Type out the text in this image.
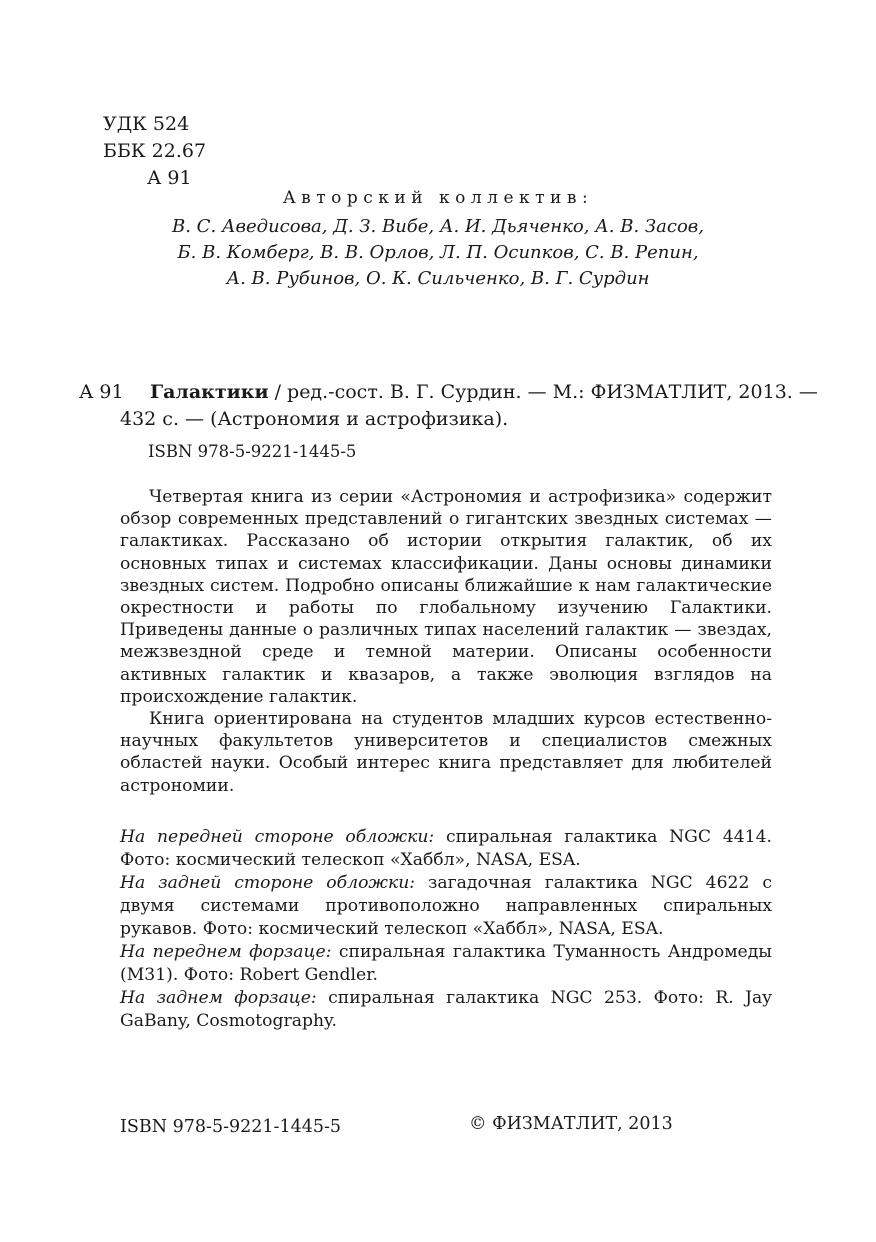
УДК 524
ББК 22.67
А 91
Авторский коллектив:
В. С. Аведисова, Д. З. Вибе, А. И. Дьяченко, А. В. Засов,
Б. В. Комберг, В. В. Орлов, Л. П. Осипков, С. В. Репин,
А. В. Рубинов, О. К. Сильченко, В. Г. Сурдин
А 91 Галактики / ред.-сост. В. Г. Сурдин. — М.: ФИЗМАТЛИТ, 2013. —
432 с. — (Астрономия и астрофизика).
ISBN 978-5-9221-1445-5

Четвертая книга из серии «Астрономия и астрофизика» содержит обзор современных представлений о гигантских звездных системах — галактиках. Рассказано об истории открытия галактик, об их основных типах и системах классификации. Даны основы динамики звездных систем. Подробно описаны ближайшие к нам галактические окрестности и работы по глобальному изучению Галактики. Приведены данные о различных типах населений галактик — звездах, межзвездной среде и темной материи. Описаны особенности активных галактик и квазаров, а также эволюция взглядов на происхождение галактик.

Книга ориентирована на студентов младших курсов естественно-научных факультетов университетов и специалистов смежных областей науки. Особый интерес книга представляет для любителей астрономии.

На передней стороне обложки: спиральная галактика NGC 4414. Фото: космический телескоп «Хаббл», NASA, ESA.

На задней стороне обложки: загадочная галактика NGC 4622 с двумя системами противоположно направленных спиральных рукавов. Фото: космический телескоп «Хаббл», NASA, ESA.

На переднем форзаце: спиральная галактика Туманность Андромеды (M31). Фото: Robert Gendler.

На заднем форзаце: спиральная галактика NGC 253. Фото: R. Jay GaBany, Cosmotography.

ISBN 978-5-9221-1445-5	© ФИЗМАТЛИТ, 2013
